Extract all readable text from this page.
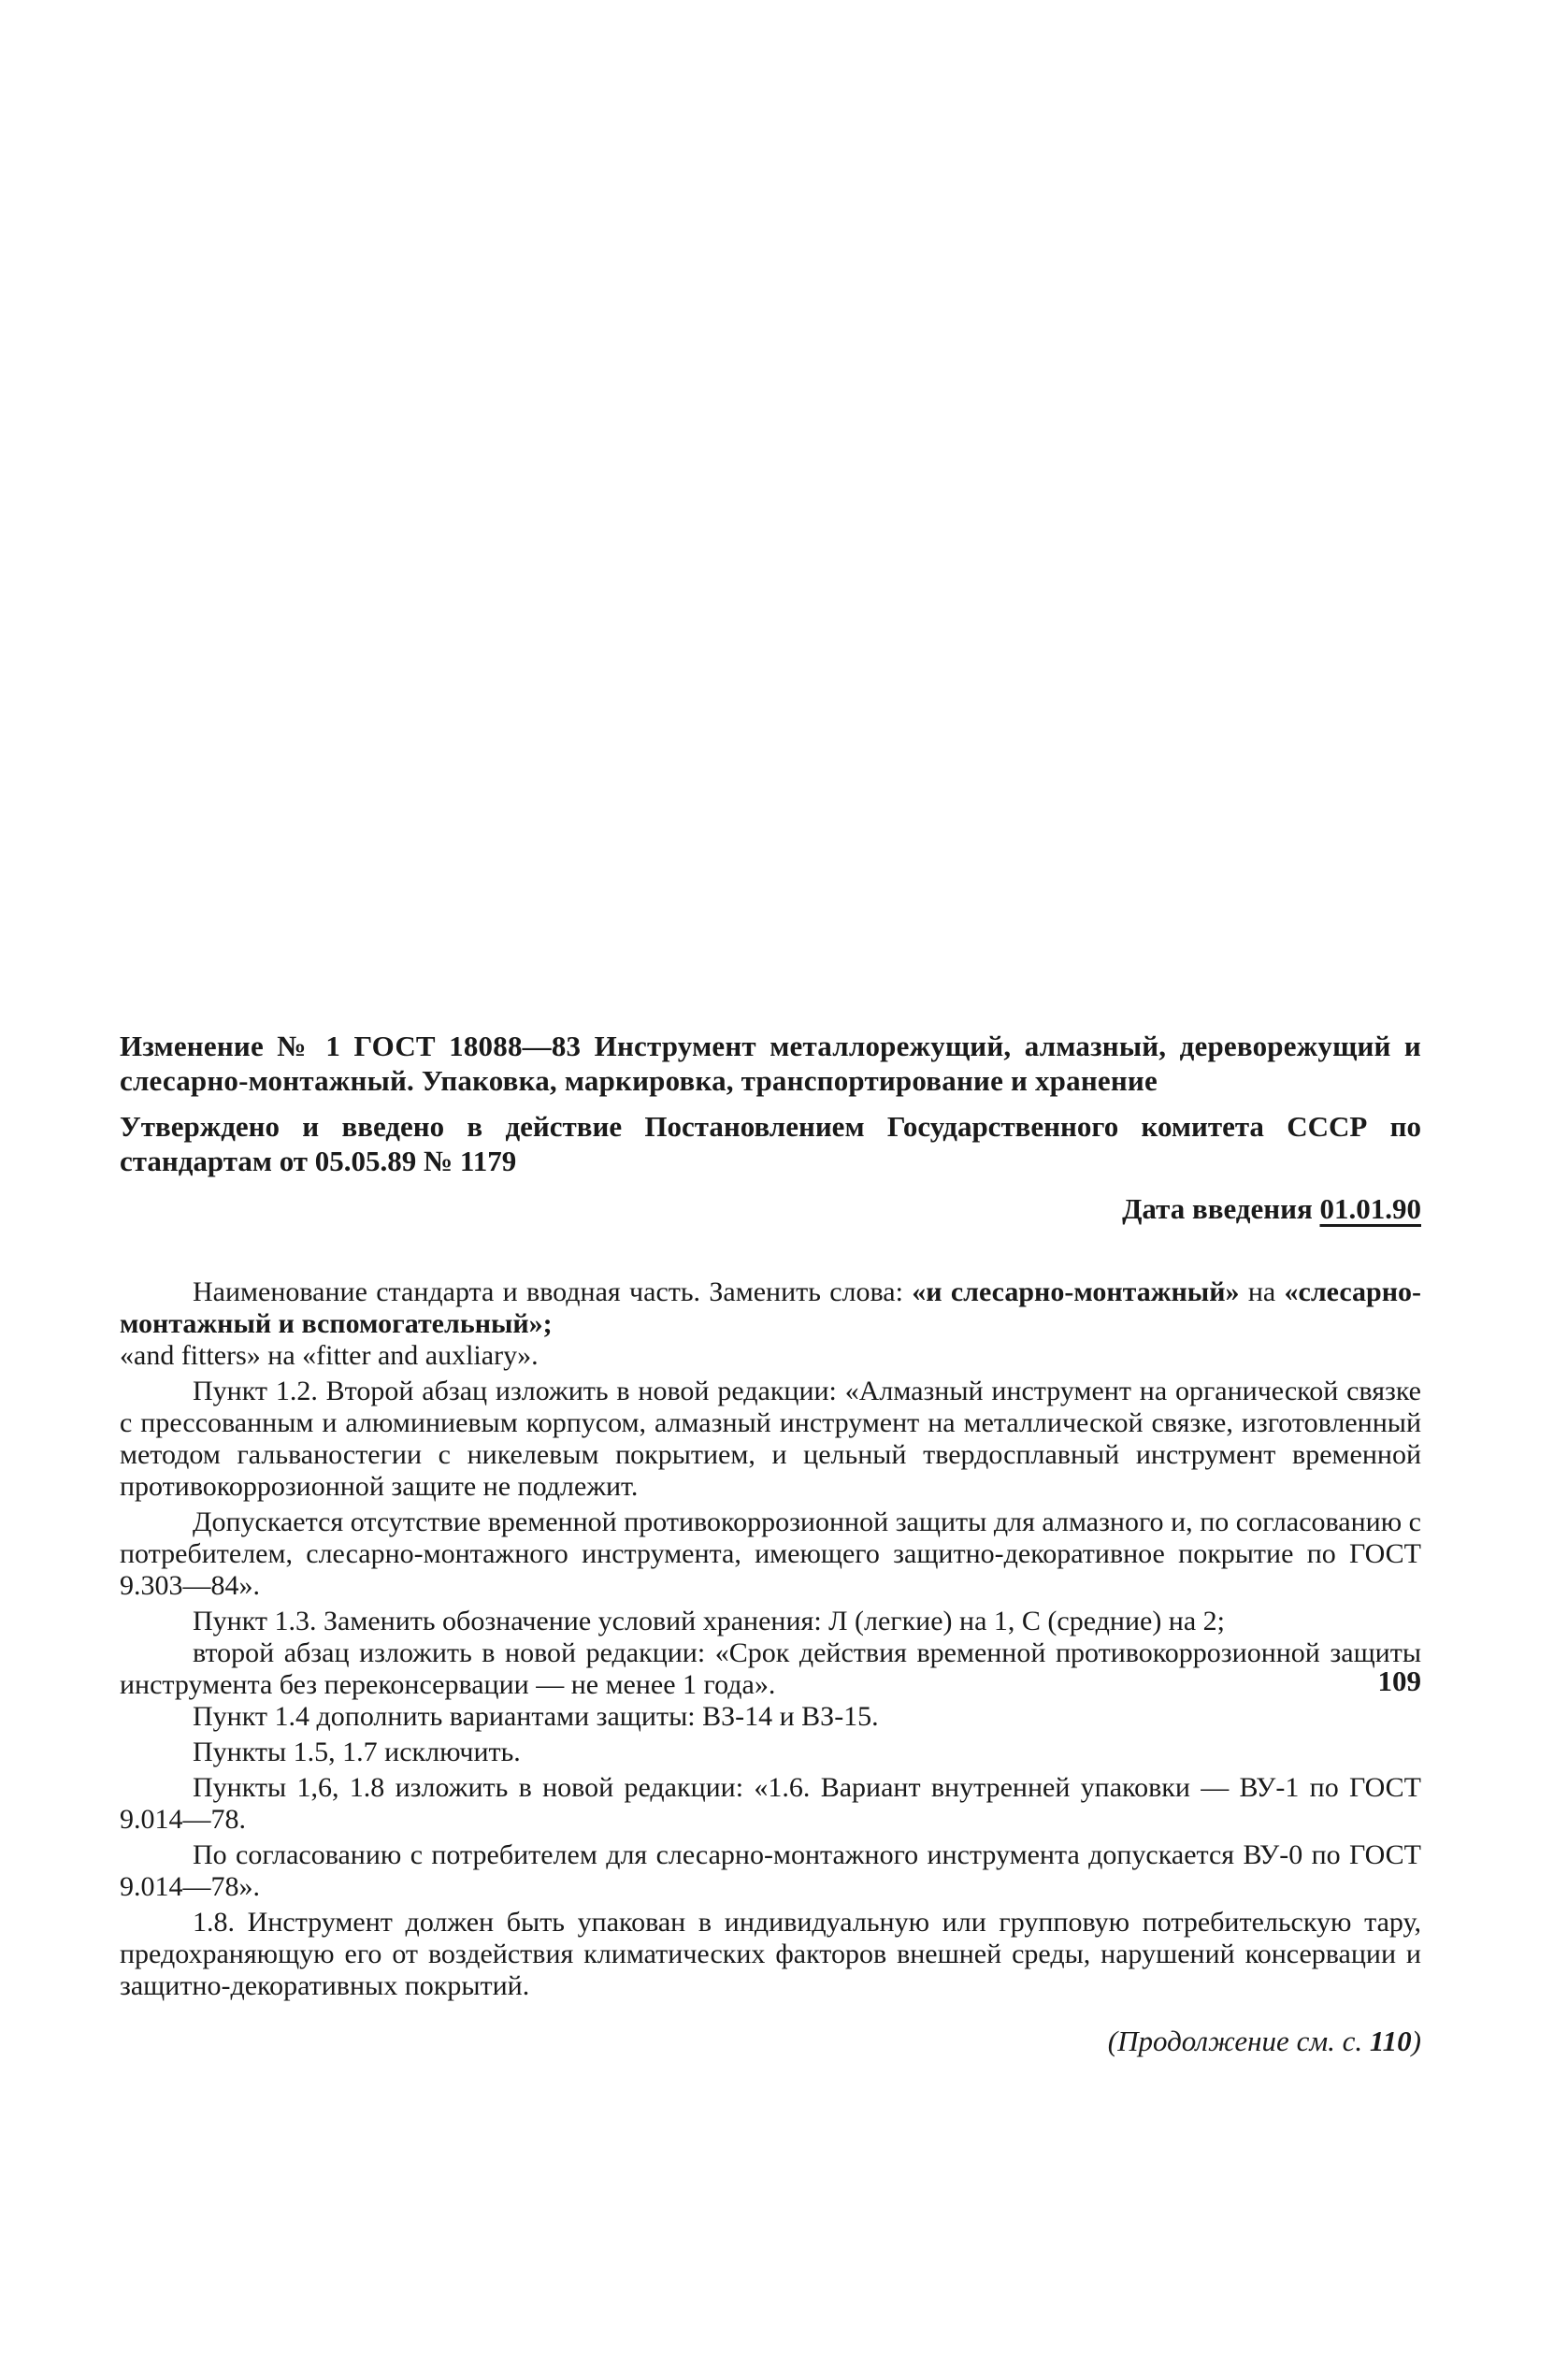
Изменение № 1 ГОСТ 18088—83 Инструмент металлорежущий, алмазный, дереворежущий и слесарно-монтажный. Упаковка, маркировка, транспортирование и хранение

Утверждено и введено в действие Постановлением Государственного комитета СССР по стандартам от 05.05.89 № 1179

Дата введения 01.01.90

Наименование стандарта и вводная часть. Заменить слова: «и слесарно-монтажный» на «слесарно-монтажный и вспомогательный»;

«and fitters» на «fitter and auxliary».

Пункт 1.2. Второй абзац изложить в новой редакции: «Алмазный инструмент на органической связке с прессованным и алюминиевым корпусом, алмазный инструмент на металлической связке, изготовленный методом гальваностегии с никелевым покрытием, и цельный твердосплавный инструмент временной противокоррозионной защите не подлежит.

Допускается отсутствие временной противокоррозионной защиты для алмазного и, по согласованию с потребителем, слесарно-монтажного инструмента, имеющего защитно-декоративное покрытие по ГОСТ 9.303—84».

Пункт 1.3. Заменить обозначение условий хранения: Л (легкие) на 1, С (средние) на 2;

второй абзац изложить в новой редакции: «Срок действия временной противокоррозионной защиты инструмента без переконсервации — не менее 1 года».

Пункт 1.4 дополнить вариантами защиты: ВЗ-14 и ВЗ-15.

Пункты 1.5, 1.7 исключить.

Пункты 1,6, 1.8 изложить в новой редакции: «1.6. Вариант внутренней упаковки — ВУ-1 по ГОСТ 9.014—78.

По согласованию с потребителем для слесарно-монтажного инструмента допускается ВУ-0 по ГОСТ 9.014—78».

1.8. Инструмент должен быть упакован в индивидуальную или групповую потребительскую тару, предохраняющую его от воздействия климатических факторов внешней среды, нарушений консервации и защитно-декоративных покрытий.

(Продолжение см. с. 110)

109
